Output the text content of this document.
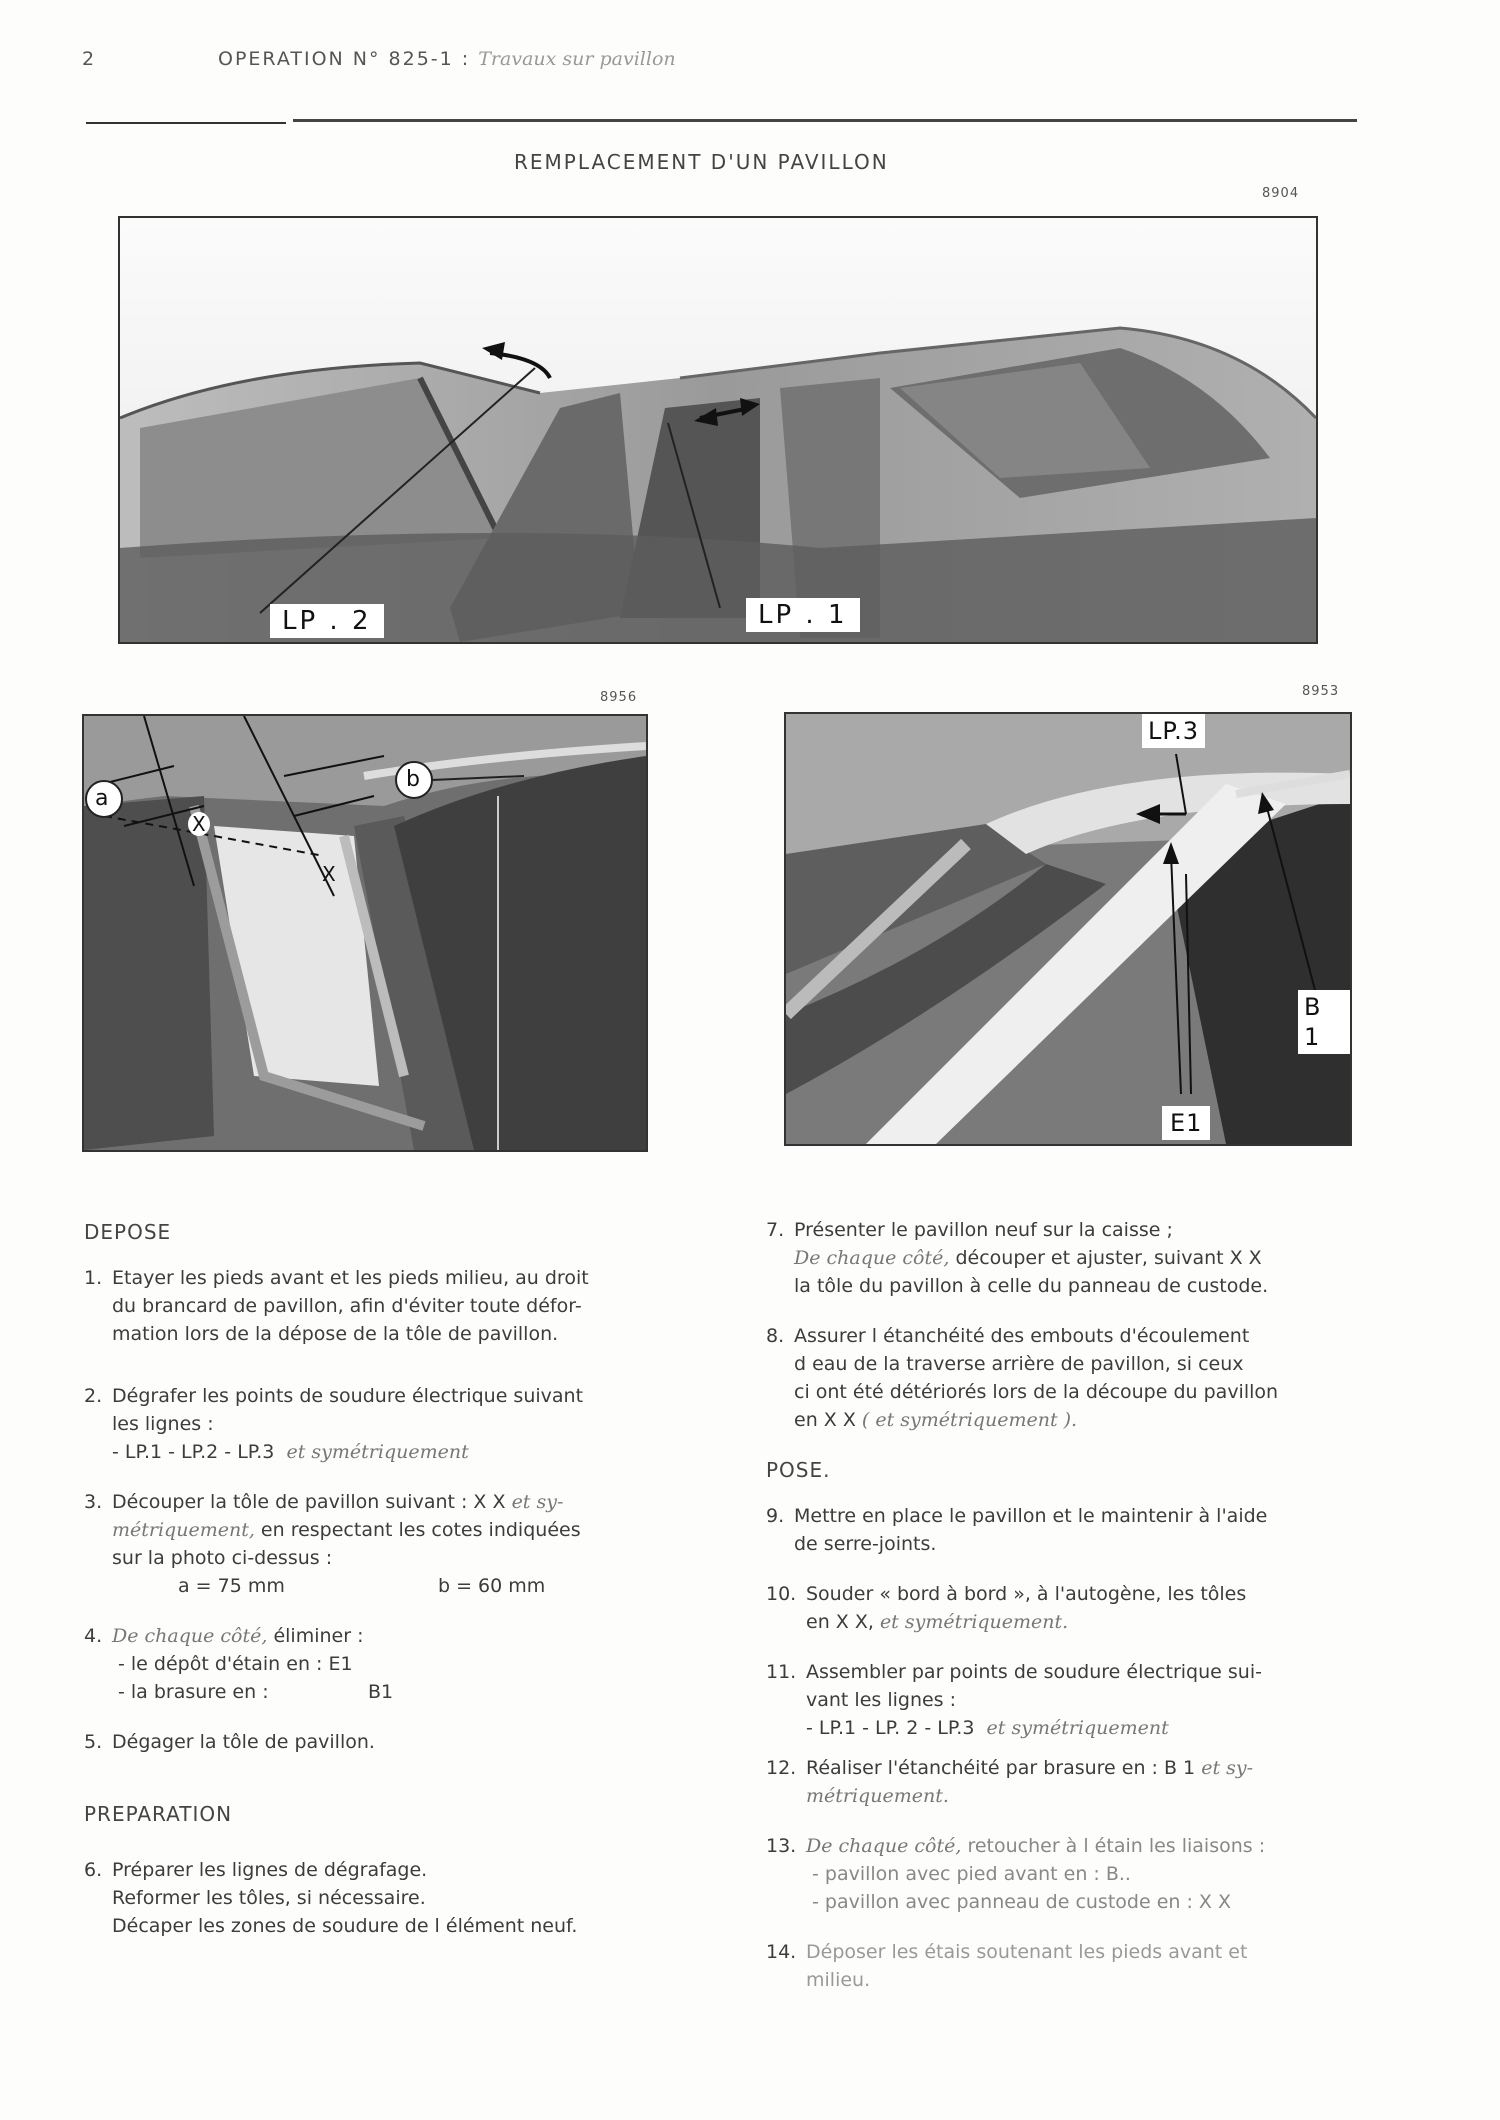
2	OPERATION N° 825-1 : Travaux sur pavillon
REMPLACEMENT D'UN PAVILLON
8904
LP . 2	LP . 1
8956
a
b
X
X
8953
LP.3
B 1
E1
DEPOSE
1. Etayer les pieds avant et les pieds milieu, au droit
du brancard de pavillon, afin d'éviter toute défor-
mation lors de la dépose de la tôle de pavillon.
2. Dégrafer les points de soudure électrique suivant
les lignes :
- LP.1 - LP.2 - LP.3 et symétriquement
3. Découper la tôle de pavillon suivant : X X et sy-
métriquement, en respectant les cotes indiquées
sur la photo ci-dessus :
a = 75 mm	b = 60 mm
4. De chaque côté, éliminer :
- le dépôt d'étain en : E1
- la brasure en :	B1
5. Dégager la tôle de pavillon.
PREPARATION
6. Préparer les lignes de dégrafage.
Reformer les tôles, si nécessaire.
Décaper les zones de soudure de l élément neuf.
7. Présenter le pavillon neuf sur la caisse ;
De chaque côté, découper et ajuster, suivant X X
la tôle du pavillon à celle du panneau de custode.
8. Assurer l étanchéité des embouts d'écoulement
d eau de la traverse arrière de pavillon, si ceux
ci ont été détériorés lors de la découpe du pavillon
en X X ( et symétriquement ).
POSE.
9. Mettre en place le pavillon et le maintenir à l'aide
de serre-joints.
10. Souder « bord à bord », à l'autogène, les tôles
en X X, et symétriquement.
11. Assembler par points de soudure électrique sui-
vant les lignes :
- LP.1 - LP. 2 - LP.3 et symétriquement
12. Réaliser l'étanchéité par brasure en : B 1 et sy-
métriquement.
13. De chaque côté, retoucher à l étain les liaisons :
- pavillon avec pied avant en : B..
- pavillon avec panneau de custode en : X X
14. Déposer les étais soutenant les pieds avant et
milieu.
